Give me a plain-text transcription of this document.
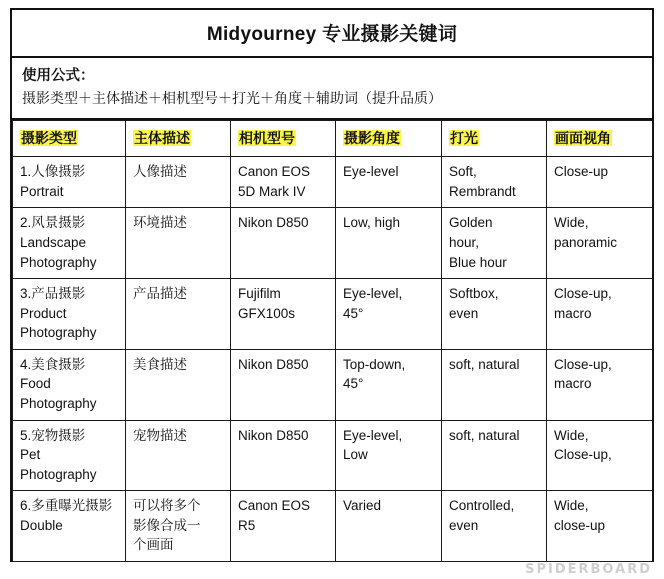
Midyourney 专业摄影关键词
使用公式：
摄影类型＋主体描述＋相机型号＋打光＋角度＋辅助词（提升品质）
摄影类型	主体描述	相机型号	摄影角度	打光	画面视角

1.人像摄影
Portrait	人像描述	Canon EOS
5D Mark IV	Eye-level	Soft,
Rembrandt	Close-up

2.风景摄影
Landscape
Photography	环境描述	Nikon D850	Low, high	Golden
hour,
Blue hour	Wide,
panoramic

3.产品摄影
Product
Photography	产品描述	Fujifilm
GFX100s	Eye-level,
45°	Softbox,
even	Close-up,
macro

4.美食摄影
Food
Photography	美食描述	Nikon D850	Top-down,
45°	soft, natural	Close-up,
macro

5.宠物摄影
Pet
Photography	宠物描述	Nikon D850	Eye-level,
Low	soft, natural	Wide,
Close-up,

6.多重曝光摄影
Double	可以将多个
影像合成一
个画面	Canon EOS
R5	Varied	Controlled,
even	Wide,
close-up
SPIDERBOARD
